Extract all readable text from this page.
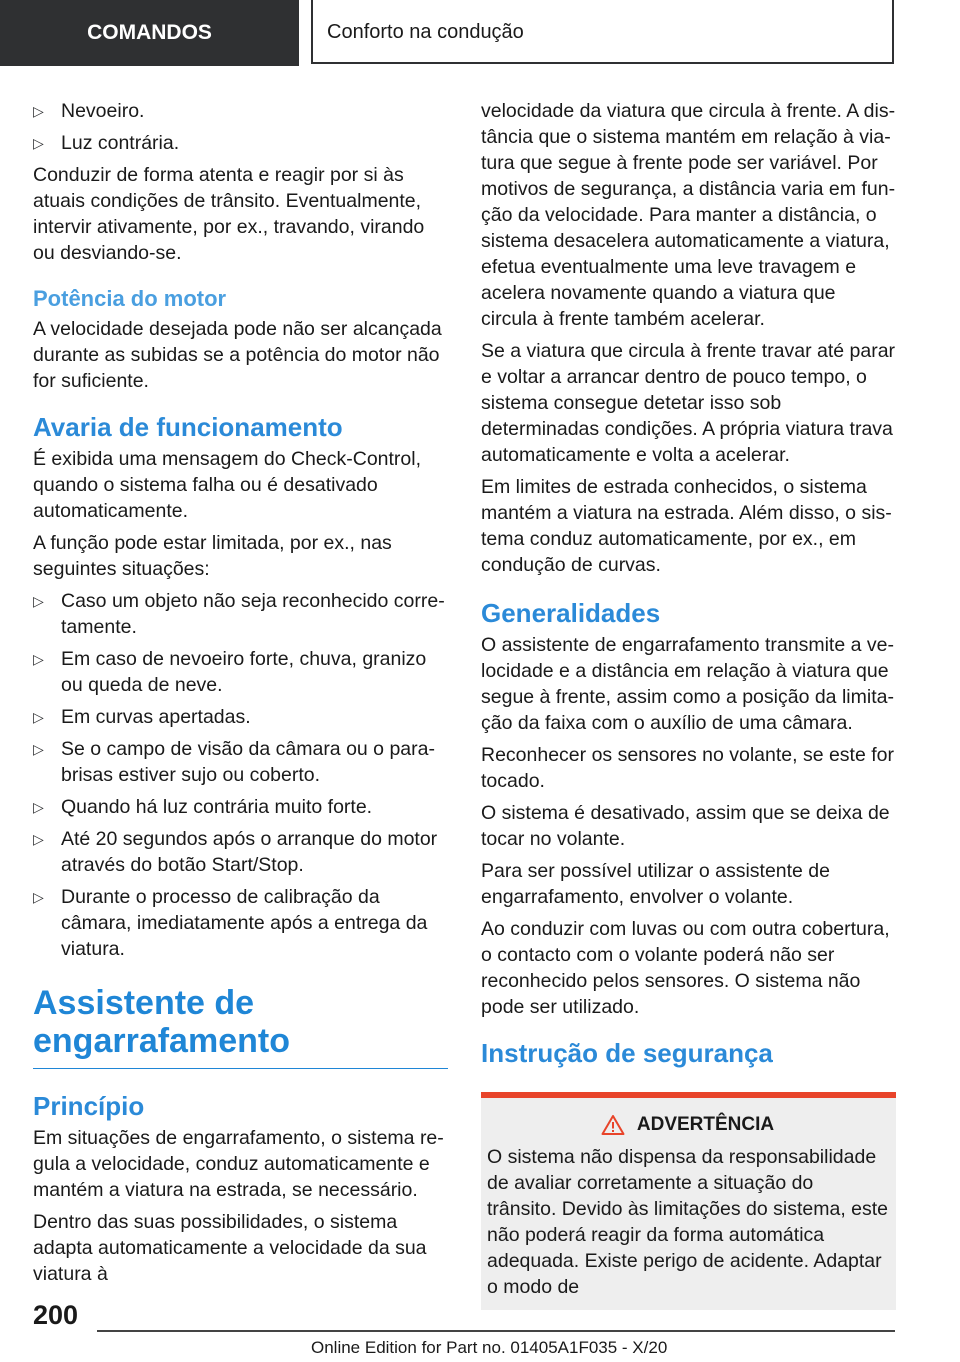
COMANDOS	Conforto na condução
▷ Nevoeiro.
▷ Luz contrária.

Conduzir de forma atenta e reagir por si às atuais condições de trânsito. Eventualmente, intervir ativamente, por ex., travando, virando ou desviando-se.

Potência do motor

A velocidade desejada pode não ser alcançada durante as subidas se a potência do motor não for suficiente.

Avaria de funcionamento

É exibida uma mensagem do Check-Control, quando o sistema falha ou é desativado automaticamente.

A função pode estar limitada, por ex., nas seguintes situações:

▷ Caso um objeto não seja reconhecido corretamente.
▷ Em caso de nevoeiro forte, chuva, granizo ou queda de neve.
▷ Em curvas apertadas.
▷ Se o campo de visão da câmara ou o para-brisas estiver sujo ou coberto.
▷ Quando há luz contrária muito forte.
▷ Até 20 segundos após o arranque do motor através do botão Start/Stop.
▷ Durante o processo de calibração da câmara, imediatamente após a entrega da viatura.
Assistente de
engarrafamento
Princípio

Em situações de engarrafamento, o sistema regula a velocidade, conduz automaticamente e mantém a viatura na estrada, se necessário.

Dentro das suas possibilidades, o sistema adapta automaticamente a velocidade da sua viatura à

velocidade da viatura que circula à frente. A distância que o sistema mantém em relação à viatura que segue à frente pode ser variável. Por motivos de segurança, a distância varia em função da velocidade. Para manter a distância, o sistema desacelera automaticamente a viatura, efetua eventualmente uma leve travagem e acelera novamente quando a viatura que circula à frente também acelerar.

Se a viatura que circula à frente travar até parar e voltar a arrancar dentro de pouco tempo, o sistema consegue detetar isso sob determinadas condições. A própria viatura trava automaticamente e volta a acelerar.

Em limites de estrada conhecidos, o sistema mantém a viatura na estrada. Além disso, o sistema conduz automaticamente, por ex., em condução de curvas.

Generalidades

O assistente de engarrafamento transmite a velocidade e a distância em relação à viatura que segue à frente, assim como a posição da limitação da faixa com o auxílio de uma câmara.

Reconhecer os sensores no volante, se este for tocado.

O sistema é desativado, assim que se deixa de tocar no volante.

Para ser possível utilizar o assistente de engarrafamento, envolver o volante.

Ao conduzir com luvas ou com outra cobertura, o contacto com o volante poderá não ser reconhecido pelos sensores. O sistema não pode ser utilizado.

Instrução de segurança
ADVERTÊNCIA

O sistema não dispensa da responsabilidade de avaliar corretamente a situação do trânsito. Devido às limitações do sistema, este não poderá reagir da forma automática adequada. Existe perigo de acidente. Adaptar o modo de

200
Online Edition for Part no. 01405A1F035 - X/20
